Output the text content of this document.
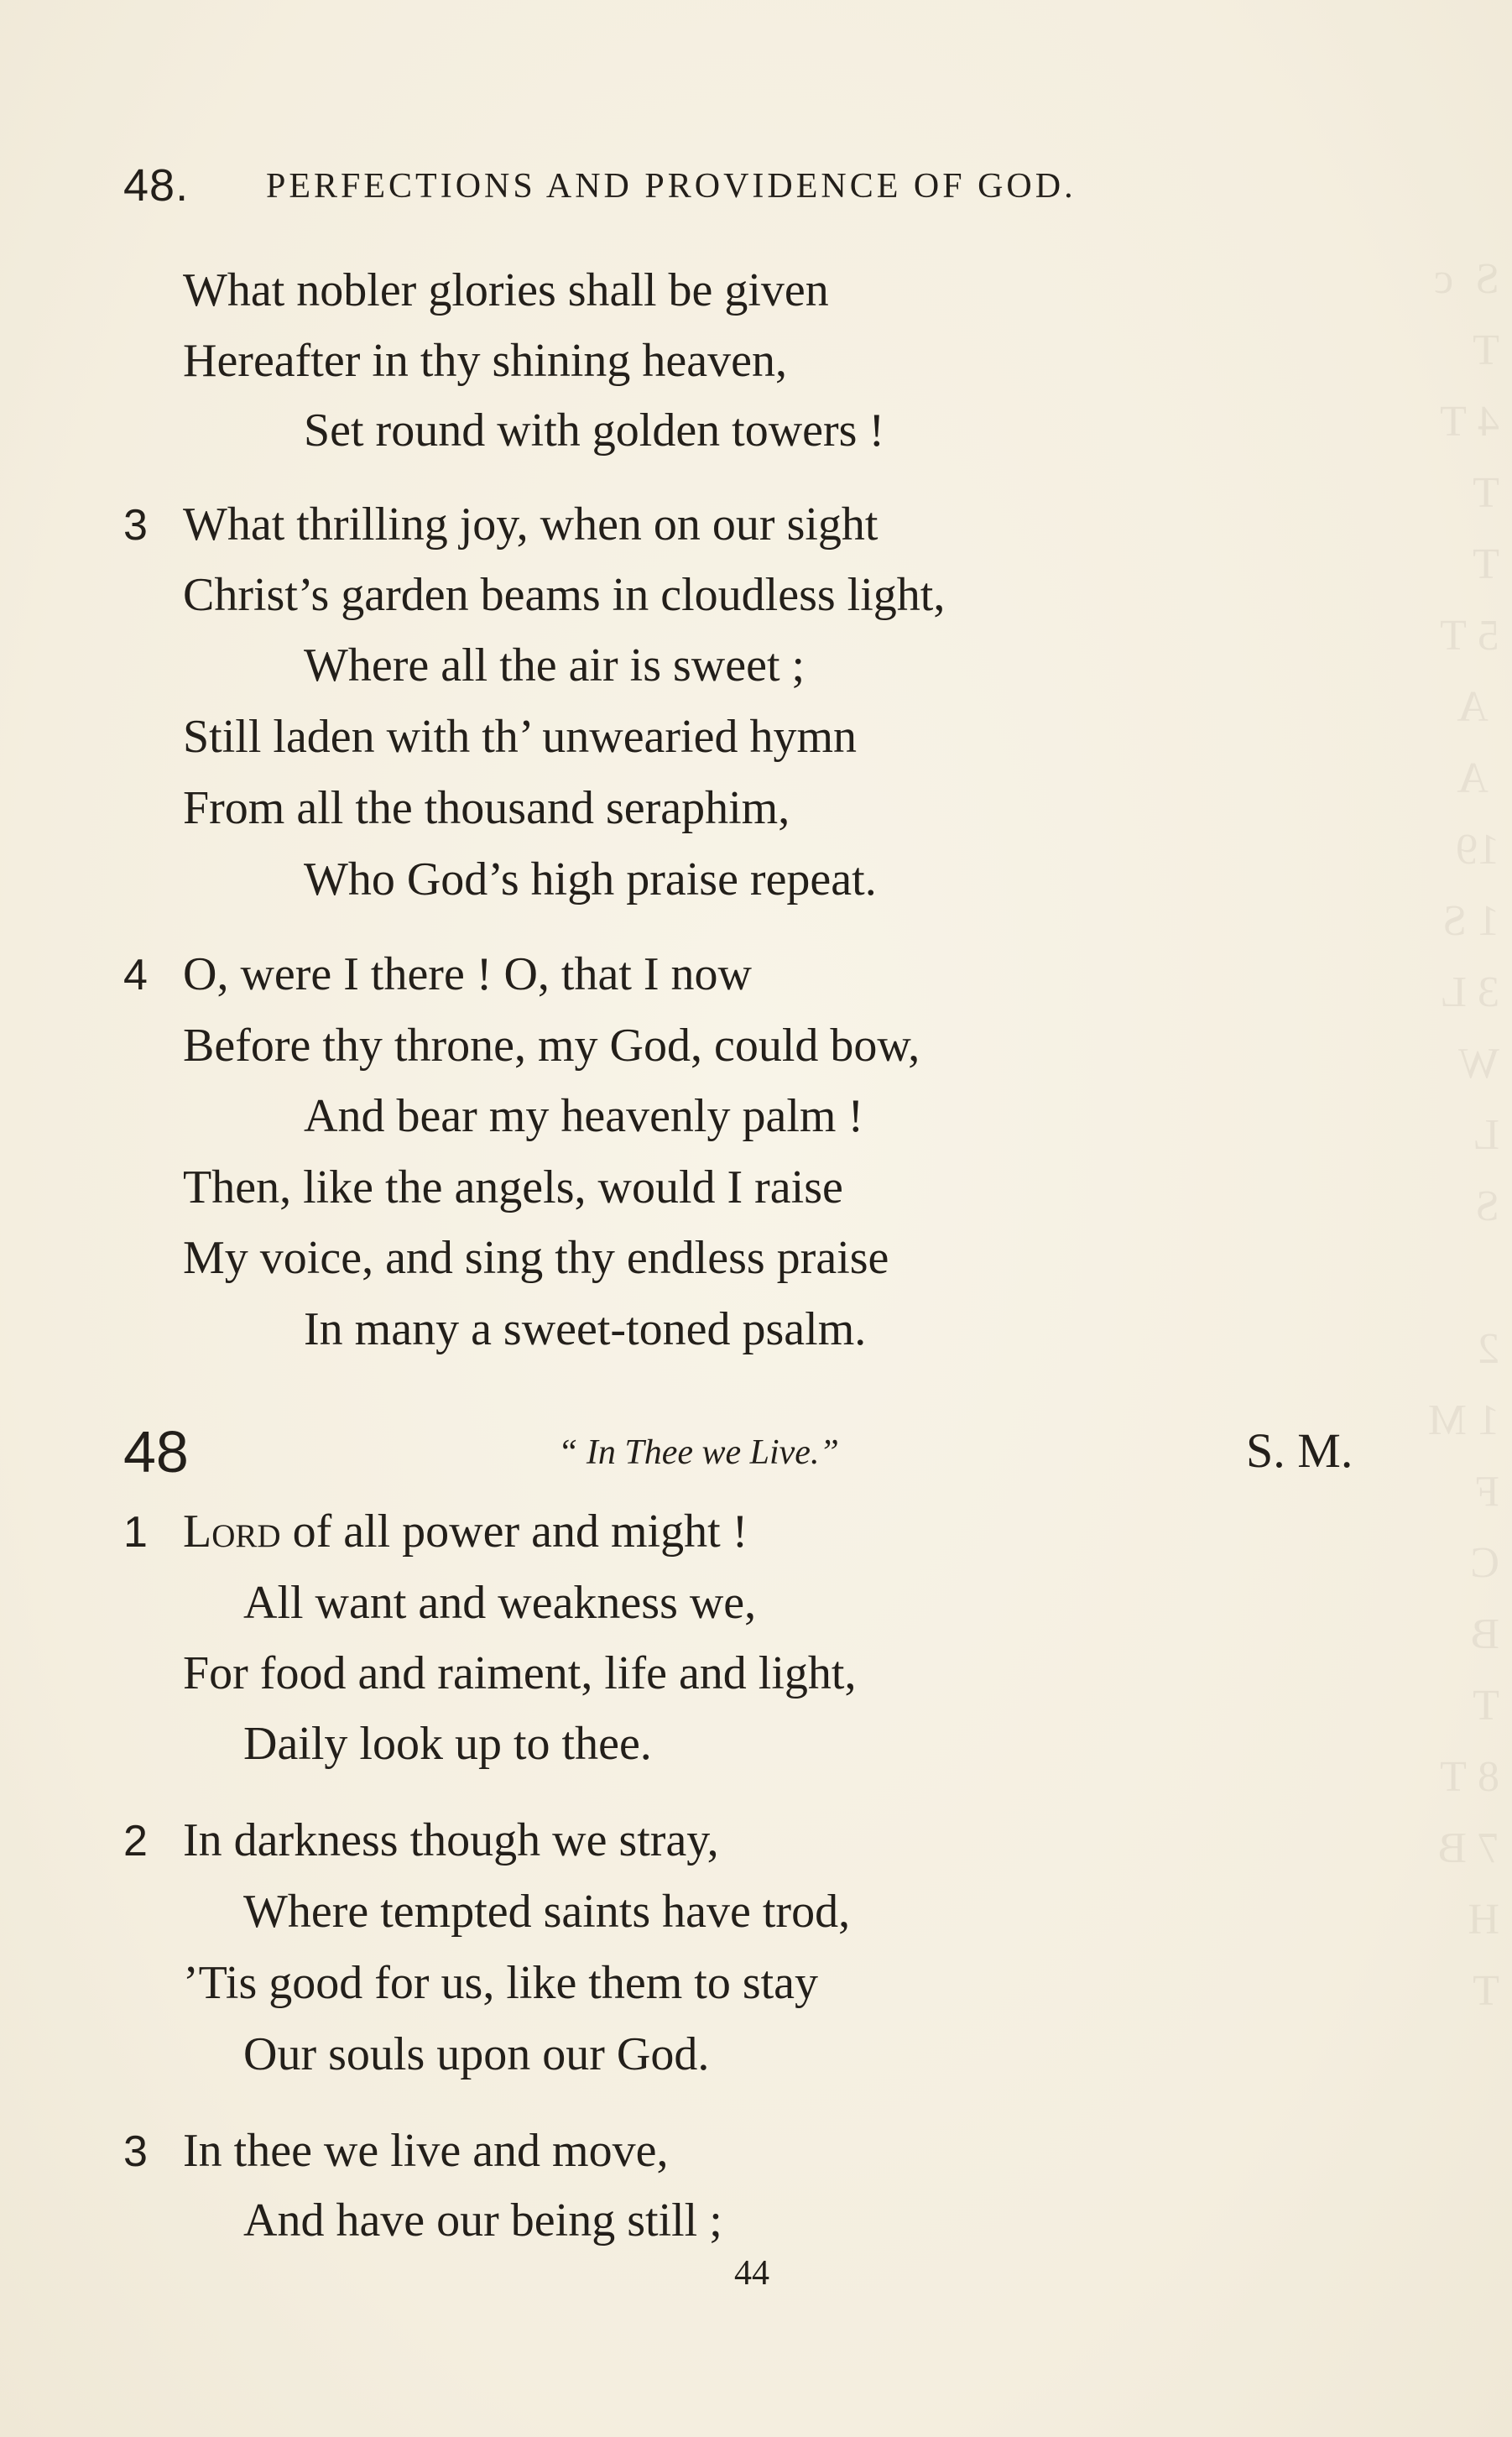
S  c
T
4 T
T
T
5 T
A
A
19
1 S
3 L
W
L
S

2
1 M
F
C
B
T
8 T
7 B
H
T
48. PERFECTIONS AND PROVIDENCE OF GOD.
What nobler glories shall be given
Hereafter in thy shining heaven,
Set round with golden towers !
3 What thrilling joy, when on our sight
Christ’s garden beams in cloudless light,
Where all the air is sweet ;
Still laden with th’ unwearied hymn
From all the thousand seraphim,
Who God’s high praise repeat.
4 O, were I there ! O, that I now
Before thy throne, my God, could bow,
And bear my heavenly palm !
Then, like the angels, would I raise
My voice, and sing thy endless praise
In many a sweet-toned psalm.
48	“ In Thee we Live.”	S. M.
1 Lord of all power and might !
All want and weakness we,
For food and raiment, life and light,
Daily look up to thee.
2 In darkness though we stray,
Where tempted saints have trod,
’Tis good for us, like them to stay
Our souls upon our God.
3 In thee we live and move,
And have our being still ;
44
